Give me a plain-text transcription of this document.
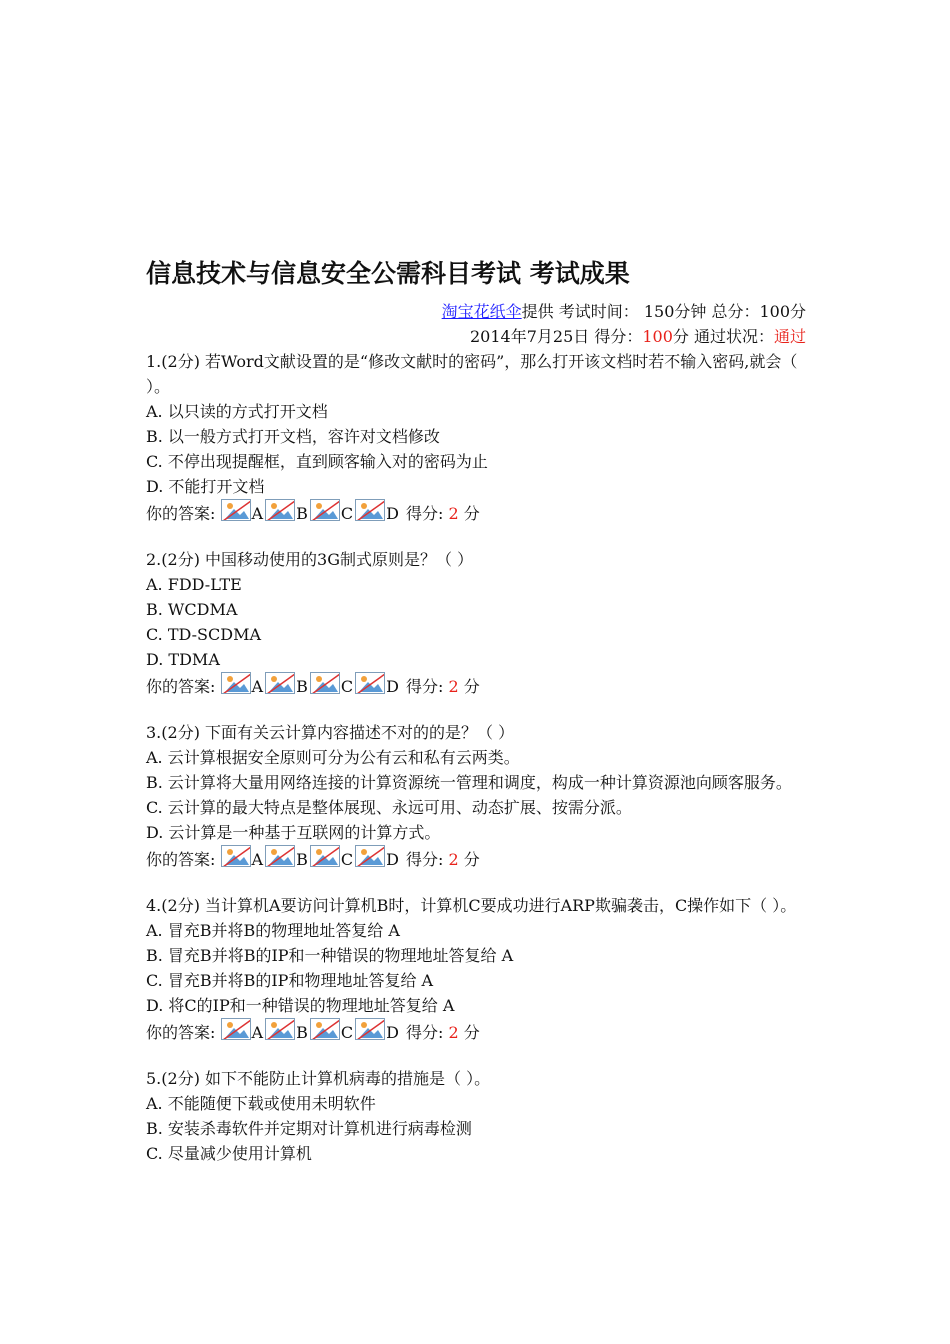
信息技术与信息安全公需科目考试 考试成果
淘宝花纸伞提供 考试时间： 150分钟 总分：100分
2014年7月25日 得分：100分 通过状况：通过
1.(2分) 若Word文献设置的是“修改文献时的密码”，那么打开该文档时若不输入密码,就会（ ）。
A. 以只读的方式打开文档
B. 以一般方式打开文档，容许对文档修改
C. 不停出现提醒框，直到顾客输入对的密码为止
D. 不能打开文档
你的答案: A B C D 得分: 2 分
2.(2分) 中国移动使用的3G制式原则是？（ ）
A. FDD-LTE
B. WCDMA
C. TD-SCDMA
D. TDMA
你的答案: A B C D 得分: 2 分
3.(2分) 下面有关云计算内容描述不对的的是？（ ）
A. 云计算根据安全原则可分为公有云和私有云两类。
B. 云计算将大量用网络连接的计算资源统一管理和调度，构成一种计算资源池向顾客服务。
C. 云计算的最大特点是整体展现、永远可用、动态扩展、按需分派。
D. 云计算是一种基于互联网的计算方式。
你的答案: A B C D 得分: 2 分
4.(2分) 当计算机A要访问计算机B时，计算机C要成功进行ARP欺骗袭击，C操作如下（ ）。
A. 冒充B并将B的物理地址答复给 A
B. 冒充B并将B的IP和一种错误的物理地址答复给 A
C. 冒充B并将B的IP和物理地址答复给 A
D. 将C的IP和一种错误的物理地址答复给 A
你的答案: A B C D 得分: 2 分
5.(2分) 如下不能防止计算机病毒的措施是（ ）。
A. 不能随便下载或使用未明软件
B. 安装杀毒软件并定期对计算机进行病毒检测
C. 尽量减少使用计算机
